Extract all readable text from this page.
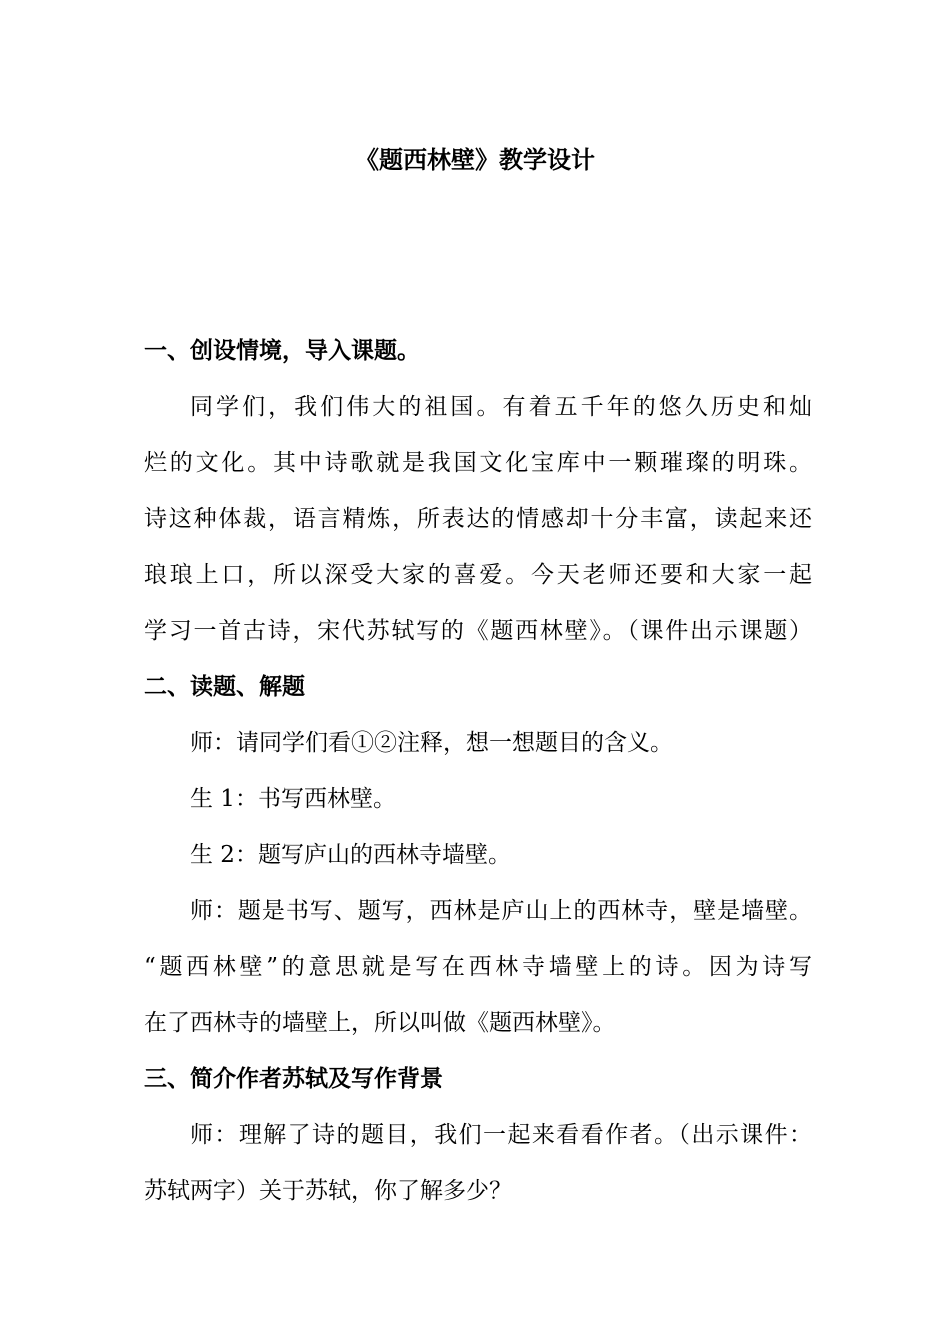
《题西林壁》教学设计
一、创设情境，导入课题。
同学们，我们伟大的祖国。有着五千年的悠久历史和灿
烂的文化。其中诗歌就是我国文化宝库中一颗璀璨的明珠。
诗这种体裁，语言精炼，所表达的情感却十分丰富，读起来还
琅琅上口，所以深受大家的喜爱。今天老师还要和大家一起
学习一首古诗，宋代苏轼写的《题西林壁》。（课件出示课题）
二、读题、解题
师：请同学们看①②注释，想一想题目的含义。
生 1：书写西林壁。
生 2：题写庐山的西林寺墙壁。
师：题是书写、题写，西林是庐山上的西林寺，壁是墙壁。
“题西林壁”的意思就是写在西林寺墙壁上的诗。因为诗写
在了西林寺的墙壁上，所以叫做《题西林壁》。
三、简介作者苏轼及写作背景
师：理解了诗的题目，我们一起来看看作者。（出示课件：
苏轼两字）关于苏轼，你了解多少？
